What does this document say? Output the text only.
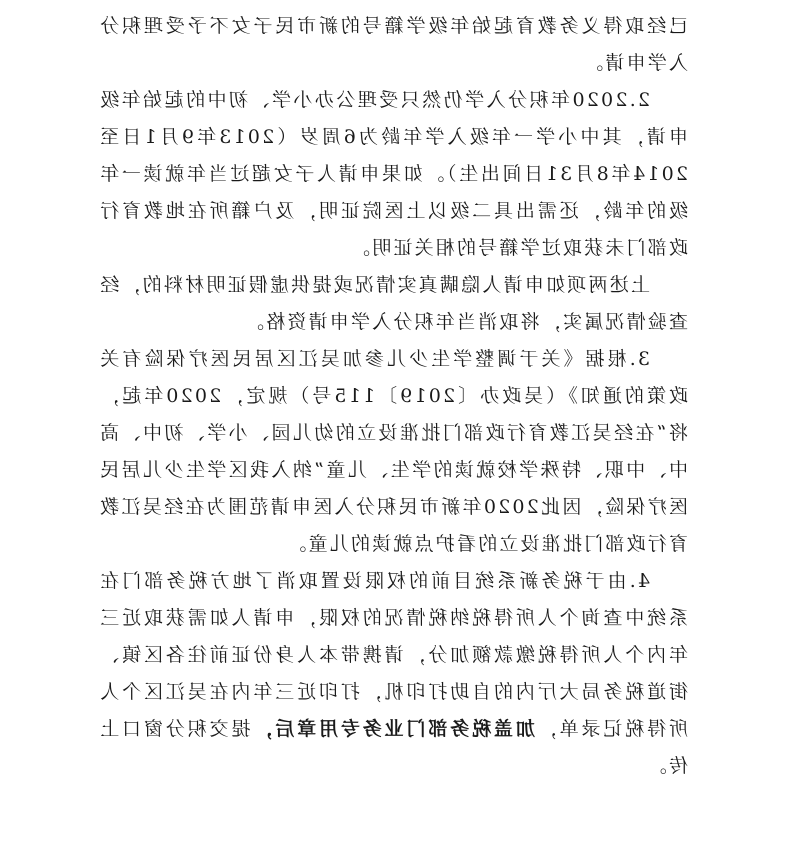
已经取得义务教育起始年级学籍号的新市民子女不予受理积分入学申请。

2.2020年积分入学仍然只受理公办小学、初中的起始年级申请，其中小学一年级入学年龄为6周岁（2013年9月1日至2014年8月31日间出生）。如果申请人子女超过当年就读一年级的年龄，还需出具二级以上医院证明，及户籍所在地教育行政部门未获取过学籍号的相关证明。

上述两项如申请人隐瞒真实情况或提供虚假证明材料的，经查验情况属实，将取消当年积分入学申请资格。

3.根据《关于调整学生少儿参加吴江区居民医疗保险有关政策的通知》（吴政办〔2019〕115号）规定，2020年起，将“在经吴江教育行政部门批准设立的幼儿园、小学、初中、高中、中职、特殊学校就读的学生、儿童”纳入我区学生少儿居民医疗保险，因此2020年新市民积分入医申请范围为在经吴江教育行政部门批准设立的看护点就读的儿童。

4.由于税务新系统目前的权限设置取消了地方税务部门在系统中查询个人所得税纳税情况的权限，申请人如需获取近三年内个人所得税缴款额加分，请携带本人身份证前往各区镇、街道税务局大厅内的自助打印机，打印近三年内在吴江区个人所得税记录单，加盖税务部门业务专用章后，提交积分窗口上传。
